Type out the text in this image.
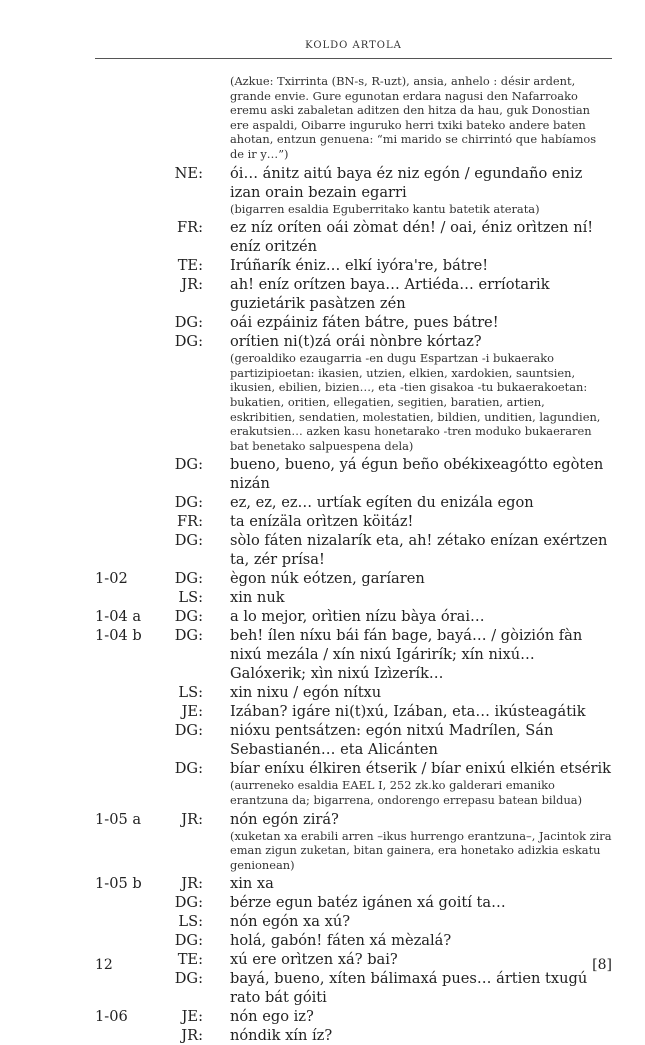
KOLDO ARTOLA
(Azkue: Txirrinta (BN-s, R-uzt), ansia, anhelo : désir ardent, grande envie. Gure egunotan erdara nagusi den Nafarroako eremu aski zabaletan aditzen den hitza da hau, guk Donostian ere aspaldi, Oibarre inguruko herri txiki bateko andere baten ahotan, entzun genuena: “mi marido se chirrintó que habíamos de ir y…”)
NE: ói… ánitz aitú baya éz niz egón / egundaño eniz izan orain bezain egarri
(bigarren esaldia Eguberritako kantu batetik aterata)
FR: ez níz oríten oái zòmat dén! / oai, éniz orìtzen ní! eníz oritzén
TE: Irúñarík éniz… elkí iyóra're, bátre!
JR: ah! eníz orítzen baya… Artiéda… erríotarik guzietárik pasàtzen zén
DG: oái ezpáiniz fáten bátre, pues bátre!
DG: orítien ni(t)zá orái nònbre kórtaz?
(geroaldiko ezaugarria -en dugu Espartzan -i bukaerako partizipioetan: ikasien, utzien, elkien, xardokien, sauntsien, ikusien, ebilien, bizien…, eta -tien gisakoa -tu bukaerakoetan: bukatien, oritien, ellegatien, segitien, baratien, artien, eskribitien, sendatien, molestatien, bildien, unditien, lagundien, erakutsien… azken kasu honetarako -tren moduko bukaeraren bat benetako salpuespena dela)
DG: bueno, bueno, yá égun beño obékixeagótto egòten nizán
DG: ez, ez, ez… urtíak egíten du enizála egon
FR: ta enízäla orìtzen köitáz!
DG: sòlo fáten nizalarík eta, ah! zétako enízan exértzen ta, zér prísa!
1-02	DG: ègon núk eótzen, garíaren
LS: xin nuk
1-04 a	DG: a lo mejor, orìtien nízu bàya órai…
1-04 b	DG: beh! ílen níxu bái fán bage, bayá… / gòizión fàn nixú mezála / xín nixú Igárirík; xín nixú… Galóxerik; xìn nixú Izìzerík…
LS: xin nixu / egón nítxu
JE: Izában? igáre ni(t)xú, Izában, eta… ikústeagátik
DG: nióxu pentsátzen: egón nitxú Madrílen, Sán Sebastianén… eta Alicánten
DG: bíar eníxu élkiren étserik / bíar enixú elkién etsérik
(aurreneko esaldia EAEL I, 252 zk.ko galderari emaniko erantzuna da; bigarrena, ondorengo errepasu batean bildua)
1-05 a	JR: nón egón zirá?
(xuketan xa erabili arren –ikus hurrengo erantzuna–, Jacintok zira eman zigun zuketan, bitan gainera, era honetako adizkia eskatu genionean)
1-05 b	JR: xin xa
DG: bérze egun batéz igánen xá goití ta…
LS: nón egón xa xú?
DG: holá, gabón! fáten xá mèzalá?
TE: xú ere orìtzen xá? bai?
DG: bayá, bueno, xíten bálimaxá pues… ártien txugú rato bát góiti
1-06	JE: nón ego iz?
JR: nóndik xín íz?
12	[8]
